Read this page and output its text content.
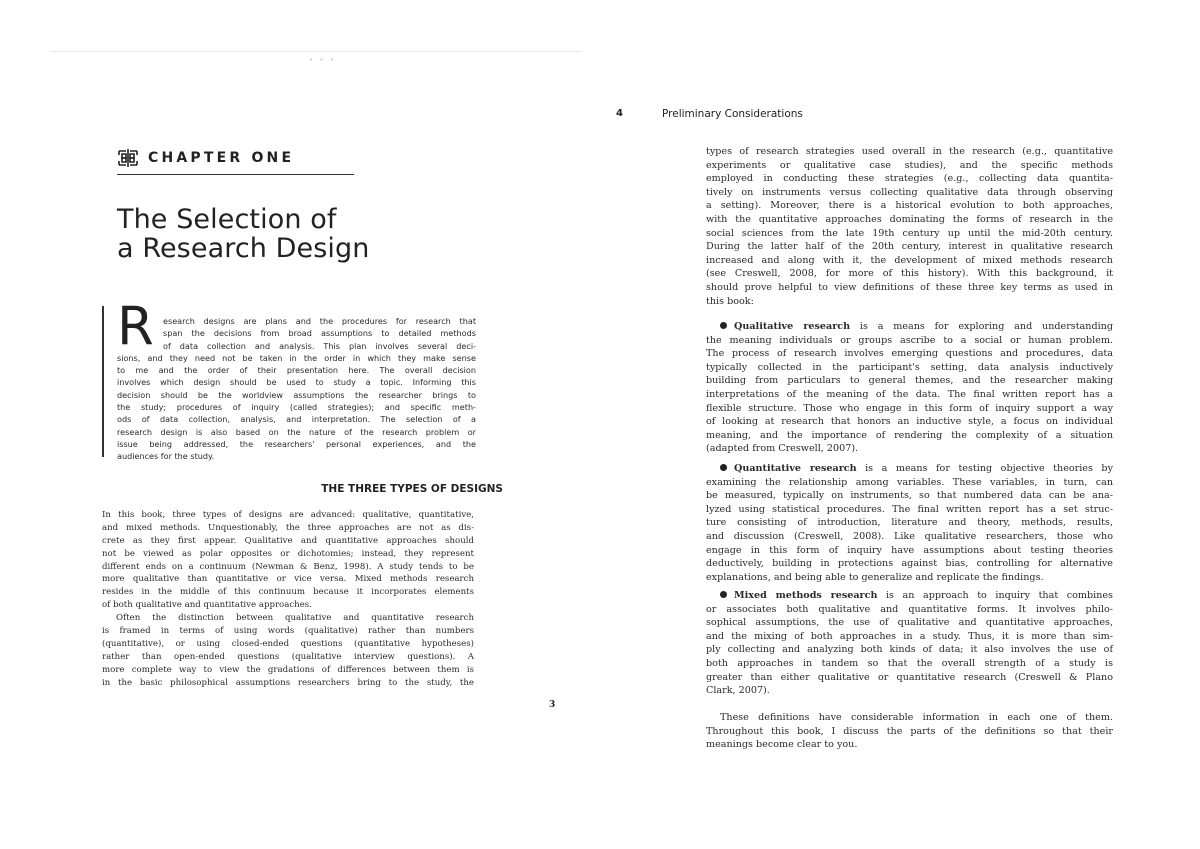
• • •
CHAPTER ONE
The Selection of
a Research Design
R	esearch designs are plans and the procedures for research that
span the decisions from broad assumptions to detailed methods
of data collection and analysis. This plan involves several deci-
sions, and they need not be taken in the order in which they make sense
to me and the order of their presentation here. The overall decision
involves which design should be used to study a topic. Informing this
decision should be the worldview assumptions the researcher brings to
the study; procedures of inquiry (called strategies); and specific meth-
ods of data collection, analysis, and interpretation. The selection of a
research design is also based on the nature of the research problem or
issue being addressed, the researchers' personal experiences, and the
audiences for the study.
THE THREE TYPES OF DESIGNS
In this book, three types of designs are advanced: qualitative, quantitative,
and mixed methods. Unquestionably, the three approaches are not as dis-
crete as they first appear. Qualitative and quantitative approaches should
not be viewed as polar opposites or dichotomies; instead, they represent
different ends on a continuum (Newman & Benz, 1998). A study tends to be
more qualitative than quantitative or vice versa. Mixed methods research
resides in the middle of this continuum because it incorporates elements
of both qualitative and quantitative approaches.
Often the distinction between qualitative and quantitative research
is framed in terms of using words (qualitative) rather than numbers
(quantitative), or using closed-ended questions (quantitative hypotheses)
rather than open-ended questions (qualitative interview questions). A
more complete way to view the gradations of differences between them is
in the basic philosophical assumptions researchers bring to the study, the
3
4	Preliminary Considerations
types of research strategies used overall in the research (e.g., quantitative
experiments or qualitative case studies), and the specific methods
employed in conducting these strategies (e.g., collecting data quantita-
tively on instruments versus collecting qualitative data through observing
a setting). Moreover, there is a historical evolution to both approaches,
with the quantitative approaches dominating the forms of research in the
social sciences from the late 19th century up until the mid-20th century.
During the latter half of the 20th century, interest in qualitative research
increased and along with it, the development of mixed methods research
(see Creswell, 2008, for more of this history). With this background, it
should prove helpful to view definitions of these three key terms as used in
this book:
Qualitative research is a means for exploring and understanding
the meaning individuals or groups ascribe to a social or human problem.
The process of research involves emerging questions and procedures, data
typically collected in the participant's setting, data analysis inductively
building from particulars to general themes, and the researcher making
interpretations of the meaning of the data. The final written report has a
flexible structure. Those who engage in this form of inquiry support a way
of looking at research that honors an inductive style, a focus on individual
meaning, and the importance of rendering the complexity of a situation
(adapted from Creswell, 2007).
Quantitative research is a means for testing objective theories by
examining the relationship among variables. These variables, in turn, can
be measured, typically on instruments, so that numbered data can be ana-
lyzed using statistical procedures. The final written report has a set struc-
ture consisting of introduction, literature and theory, methods, results,
and discussion (Creswell, 2008). Like qualitative researchers, those who
engage in this form of inquiry have assumptions about testing theories
deductively, building in protections against bias, controlling for alternative
explanations, and being able to generalize and replicate the findings.
Mixed methods research is an approach to inquiry that combines
or associates both qualitative and quantitative forms. It involves philo-
sophical assumptions, the use of qualitative and quantitative approaches,
and the mixing of both approaches in a study. Thus, it is more than sim-
ply collecting and analyzing both kinds of data; it also involves the use of
both approaches in tandem so that the overall strength of a study is
greater than either qualitative or quantitative research (Creswell & Plano
Clark, 2007).
These definitions have considerable information in each one of them.
Throughout this book, I discuss the parts of the definitions so that their
meanings become clear to you.
